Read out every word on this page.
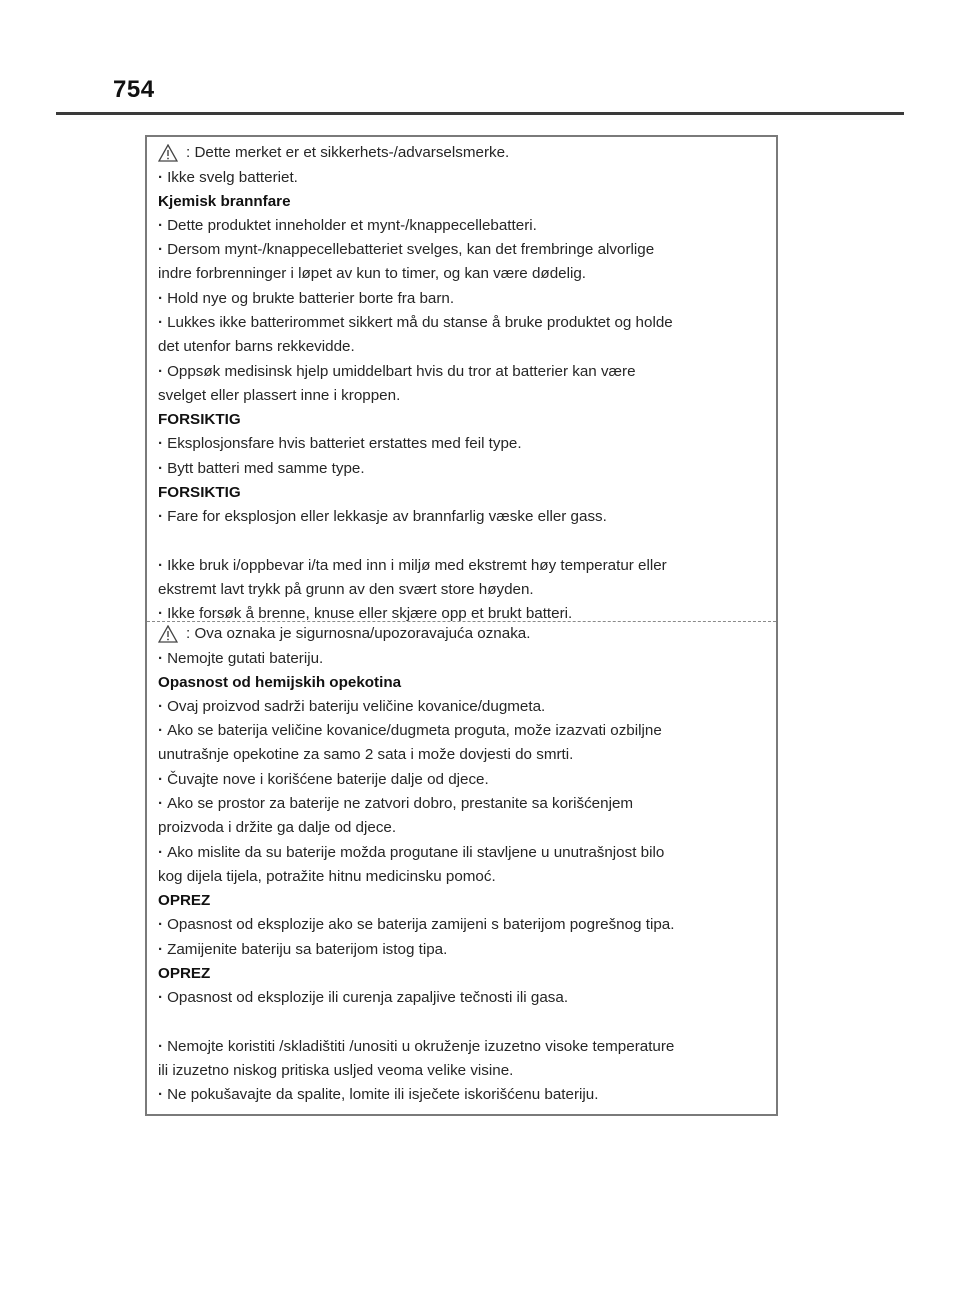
754
: Dette merket er et sikkerhets-/advarselsmerke.
· Ikke svelg batteriet.
Kjemisk brannfare
· Dette produktet inneholder et mynt-/knappecellebatteri.
· Dersom mynt-/knappecellebatteriet svelges, kan det frembringe alvorlige
indre forbrenninger i løpet av kun to timer, og kan være dødelig.
· Hold nye og brukte batterier borte fra barn.
· Lukkes ikke batterirommet sikkert må du stanse å bruke produktet og holde
det utenfor barns rekkevidde.
· Oppsøk medisinsk hjelp umiddelbart hvis du tror at batterier kan være
svelget eller plassert inne i kroppen.
FORSIKTIG
· Eksplosjonsfare hvis batteriet erstattes med feil type.
· Bytt batteri med samme type.
FORSIKTIG
· Fare for eksplosjon eller lekkasje av brannfarlig væske eller gass.
· Ikke bruk i/oppbevar i/ta med inn i miljø med ekstremt høy temperatur eller
ekstremt lavt trykk på grunn av den svært store høyden.
· Ikke forsøk å brenne, knuse eller skjære opp et brukt batteri.
: Ova oznaka je sigurnosna/upozoravajuća oznaka.
· Nemojte gutati bateriju.
Opasnost od hemijskih opekotina
· Ovaj proizvod sadrži bateriju veličine kovanice/dugmeta.
· Ako se baterija veličine kovanice/dugmeta proguta, može izazvati ozbiljne
unutrašnje opekotine za samo 2 sata i može dovjesti do smrti.
· Čuvajte nove i korišćene baterije dalje od djece.
· Ako se prostor za baterije ne zatvori dobro, prestanite sa korišćenjem
proizvoda i držite ga dalje od djece.
· Ako mislite da su baterije možda progutane ili stavljene u unutrašnjost bilo
kog dijela tijela, potražite hitnu medicinsku pomoć.
OPREZ
· Opasnost od eksplozije ako se baterija zamijeni s baterijom pogrešnog tipa.
· Zamijenite bateriju sa baterijom istog tipa.
OPREZ
· Opasnost od eksplozije ili curenja zapaljive tečnosti ili gasa.
· Nemojte koristiti /skladištiti /unositi u okruženje izuzetno visoke temperature
ili izuzetno niskog pritiska usljed veoma velike visine.
· Ne pokušavajte da spalite, lomite ili isječete iskorišćenu bateriju.
